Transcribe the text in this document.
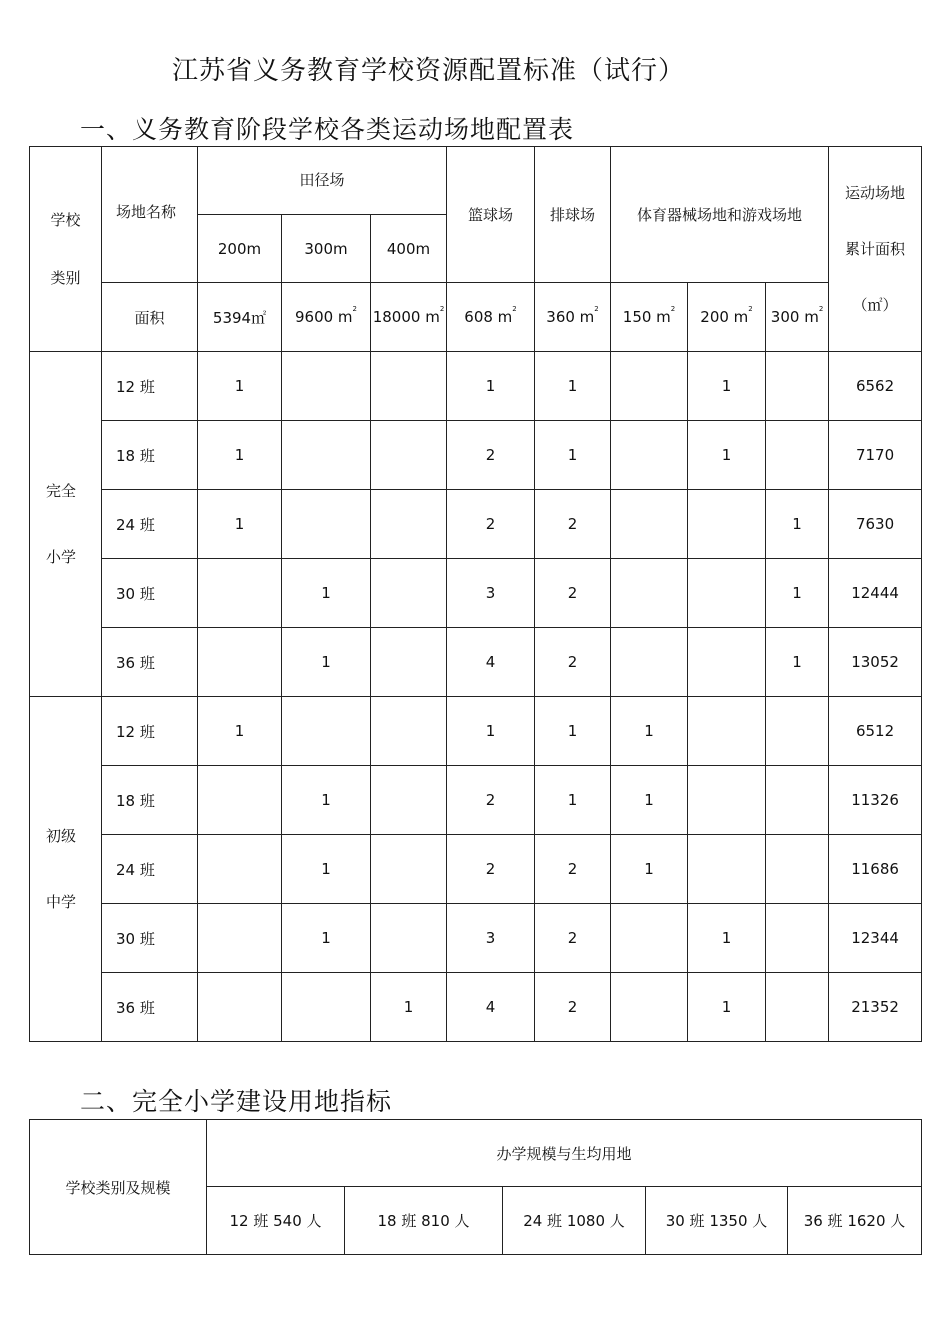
江苏省义务教育学校资源配置标准（试行）
一、义务教育阶段学校各类运动场地配置表
学校
类别	场地名称	田径场			篮球场	排球场	体育器械场地和游戏场地			运动场地
累计面积
（㎡）
		200m	300m	400m						
	面积	5394㎡	9600 $m^2$	18000 $m^2$	608 $m^2$	360 $m^2$	150 $m^2$	200 $m^2$	300 $m^2$
完全
小学	12 班	1			1	1		1		6562
	18 班	1			2	1		1		7170
	24 班	1			2	2			1	7630
	30 班		1		3	2			1	12444
	36 班		1		4	2			1	13052
初级
中学	12 班	1			1	1	1			6512
	18 班		1		2	1	1			11326
	24 班		1		2	2	1			11686
	30 班		1		3	2		1		12344
	36 班			1	4	2		1		21352
二、完全小学建设用地指标
学校类别及规模	办学规模与生均用地				
	12 班 540 人	18 班 810 人	24 班 1080 人	30 班 1350 人	36 班 1620 人
